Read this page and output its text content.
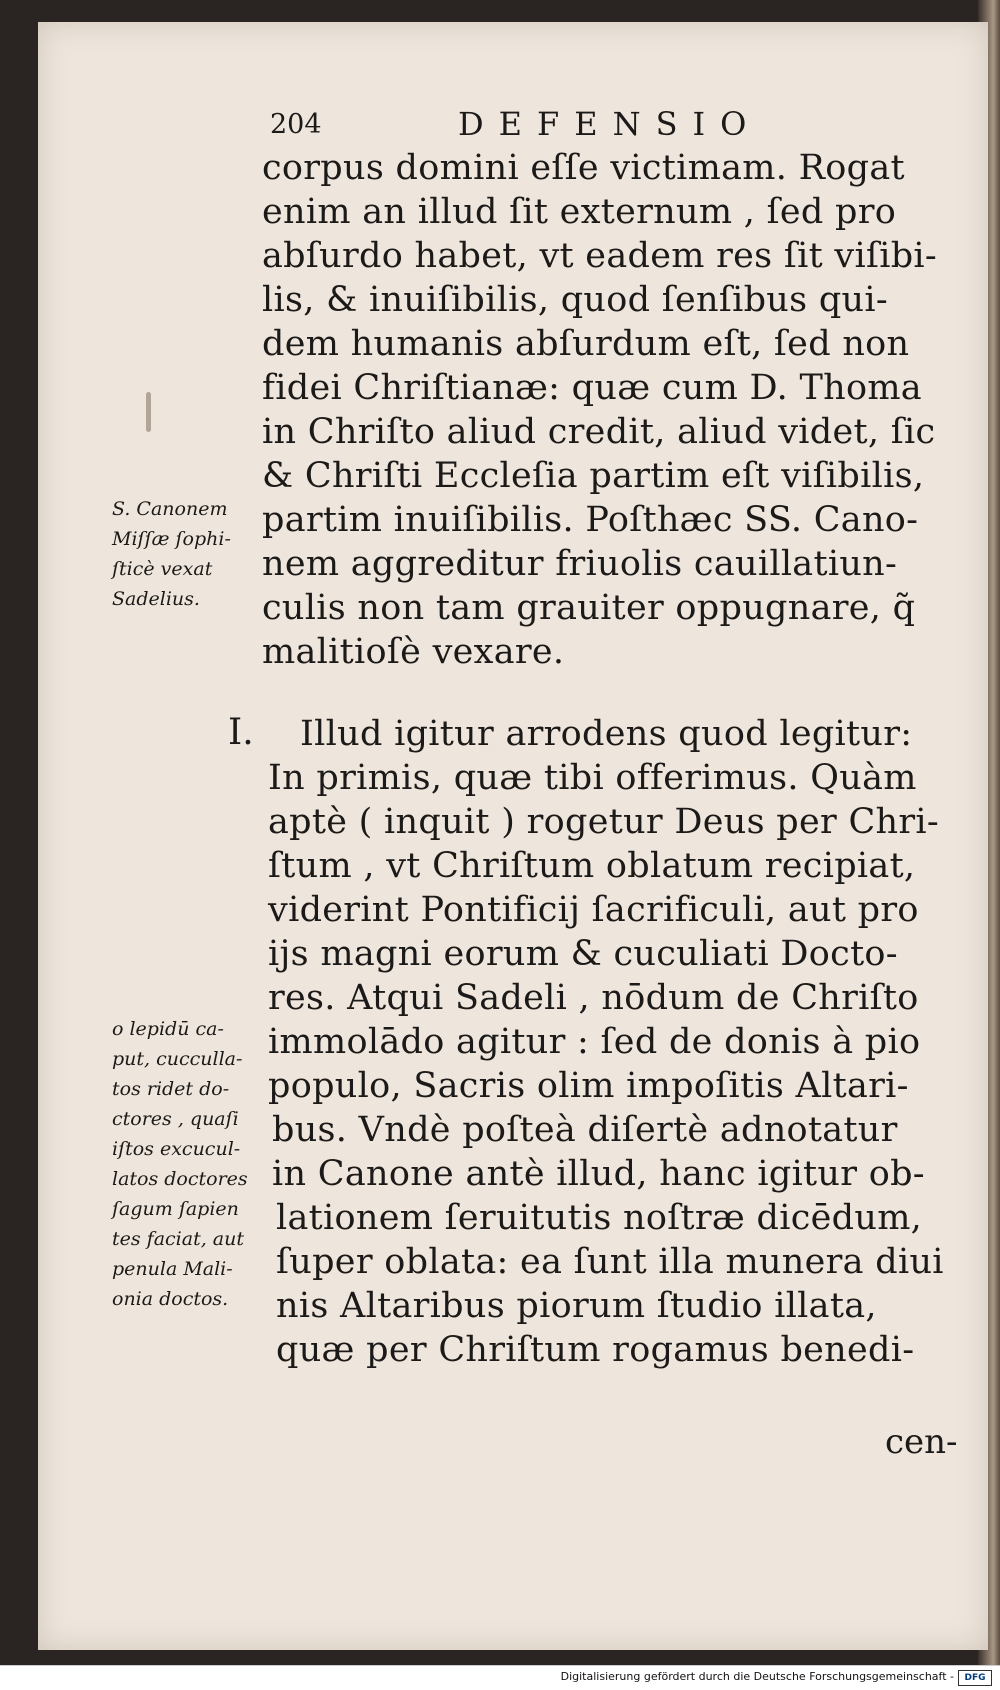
204	DEFENSIO
corpus domini eſſe victimam. Rogat
enim an illud ſit externum , ſed pro
abſurdo habet, vt eadem res ſit viſibi-
lis, & inuiſibilis, quod ſenſibus qui-
dem humanis abſurdum eſt, ſed non
fidei Chriſtianæ: quæ cum D. Thoma
in Chriſto aliud credit, aliud videt, ſic
& Chriſti Eccleſia partim eſt viſibilis,
partim inuiſibilis. Poſthæc SS. Cano-
nem aggreditur friuolis cauillatiun-
culis non tam grauiter oppugnare, q̃
malitioſè vexare.
I. Illud igitur arrodens quod legitur:
In primis, quæ tibi offerimus. Quàm
aptè ( inquit ) rogetur Deus per Chri-
ſtum , vt Chriſtum oblatum recipiat,
viderint Pontificij ſacrificuli, aut pro
ijs magni eorum & cuculiati Docto-
res. Atqui Sadeli , nōdum de Chriſto
immolādo agitur : ſed de donis à pio
populo, Sacris olim impoſitis Altari-
bus. Vndè poſteà diſertè adnotatur
in Canone antè illud, hanc igitur ob-
lationem ſeruitutis noſtræ dicēdum,
ſuper oblata: ea ſunt illa munera diui
nis Altaribus piorum ſtudio illata,
quæ per Chriſtum rogamus benedi-
cen-
S. Canonem
Miſſæ ſophi-
ſticè vexat
Sadelius.
o lepidū ca-
put, cucculla-
tos ridet do-
ctores , quaſi
iſtos excucul-
latos doctores
ſagum ſapien
tes faciat, aut
penula Mali-
onia doctos.
Digitalisierung gefördert durch die Deutsche Forschungsgemeinschaft -	DFG
